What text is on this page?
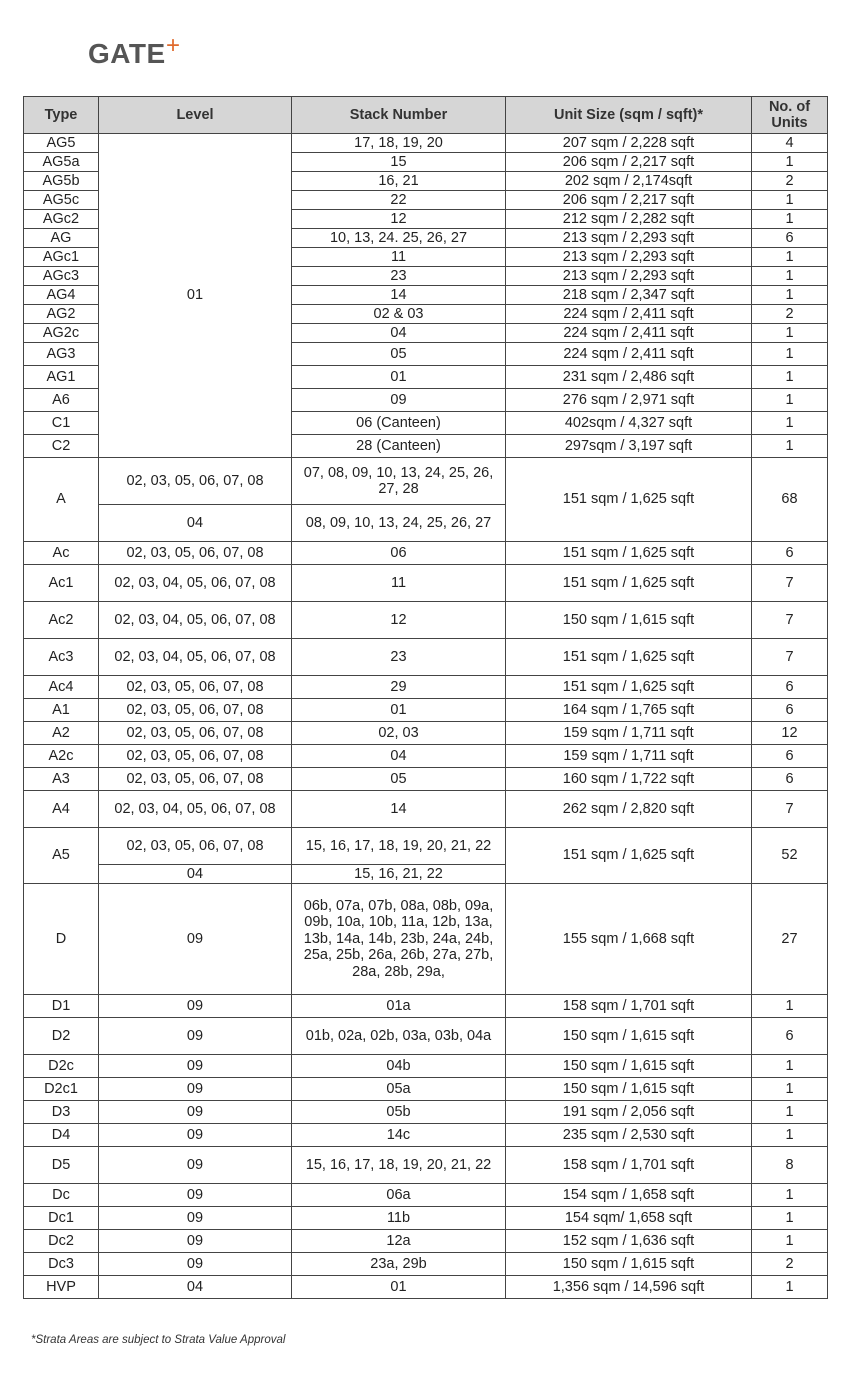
GATE +
Type	Level	Stack Number	Unit Size (sqm / sqft)*	No. of Units
AG5	01	17, 18, 19, 20	207 sqm / 2,228 sqft	4
AG5a		15	206 sqm / 2,217 sqft	1
AG5b		16, 21	202 sqm / 2,174sqft	2
AG5c		22	206 sqm / 2,217 sqft	1
AGc2		12	212 sqm / 2,282 sqft	1
AG		10, 13, 24. 25, 26, 27	213 sqm / 2,293 sqft	6
AGc1		11	213 sqm / 2,293 sqft	1
AGc3		23	213 sqm / 2,293 sqft	1
AG4		14	218 sqm / 2,347 sqft	1
AG2		02 & 03	224 sqm / 2,411 sqft	2
AG2c		04	224 sqm / 2,411 sqft	1
AG3		05	224 sqm / 2,411 sqft	1
AG1		01	231 sqm / 2,486 sqft	1
A6		09	276 sqm / 2,971 sqft	1
C1		06 (Canteen)	402sqm / 4,327 sqft	1
C2		28 (Canteen)	297sqm / 3,197 sqft	1
A	02, 03, 05, 06, 07, 08	07, 08, 09, 10, 13, 24, 25, 26, 27, 28	151 sqm / 1,625 sqft	68
	04	08, 09, 10, 13, 24, 25, 26, 27		
Ac	02, 03, 05, 06, 07, 08	06	151 sqm / 1,625 sqft	6
Ac1	02, 03, 04, 05, 06, 07, 08	11	151 sqm / 1,625 sqft	7
Ac2	02, 03, 04, 05, 06, 07, 08	12	150 sqm / 1,615 sqft	7
Ac3	02, 03, 04, 05, 06, 07, 08	23	151 sqm / 1,625 sqft	7
Ac4	02, 03, 05, 06, 07, 08	29	151 sqm / 1,625 sqft	6
A1	02, 03, 05, 06, 07, 08	01	164 sqm / 1,765 sqft	6
A2	02, 03, 05, 06, 07, 08	02, 03	159 sqm / 1,711 sqft	12
A2c	02, 03, 05, 06, 07, 08	04	159 sqm / 1,711 sqft	6
A3	02, 03, 05, 06, 07, 08	05	160 sqm / 1,722 sqft	6
A4	02, 03, 04, 05, 06, 07, 08	14	262 sqm / 2,820 sqft	7
A5	02, 03, 05, 06, 07, 08	15, 16, 17, 18, 19, 20, 21, 22	151 sqm / 1,625 sqft	52
	04	15, 16, 21, 22		
D	09	06b, 07a, 07b, 08a, 08b, 09a, 09b, 10a, 10b, 11a, 12b, 13a, 13b, 14a, 14b, 23b, 24a, 24b, 25a, 25b, 26a, 26b, 27a, 27b, 28a, 28b, 29a,	155 sqm / 1,668 sqft	27
D1	09	01a	158 sqm / 1,701 sqft	1
D2	09	01b, 02a, 02b, 03a, 03b, 04a	150 sqm / 1,615 sqft	6
D2c	09	04b	150 sqm / 1,615 sqft	1
D2c1	09	05a	150 sqm / 1,615 sqft	1
D3	09	05b	191 sqm / 2,056 sqft	1
D4	09	14c	235 sqm / 2,530 sqft	1
D5	09	15, 16, 17, 18, 19, 20, 21, 22	158 sqm / 1,701 sqft	8
Dc	09	06a	154 sqm / 1,658 sqft	1
Dc1	09	11b	154 sqm/ 1,658 sqft	1
Dc2	09	12a	152 sqm / 1,636 sqft	1
Dc3	09	23a, 29b	150 sqm / 1,615 sqft	2
HVP	04	01	1,356 sqm / 14,596 sqft	1
*Strata Areas are subject to Strata Value Approval
